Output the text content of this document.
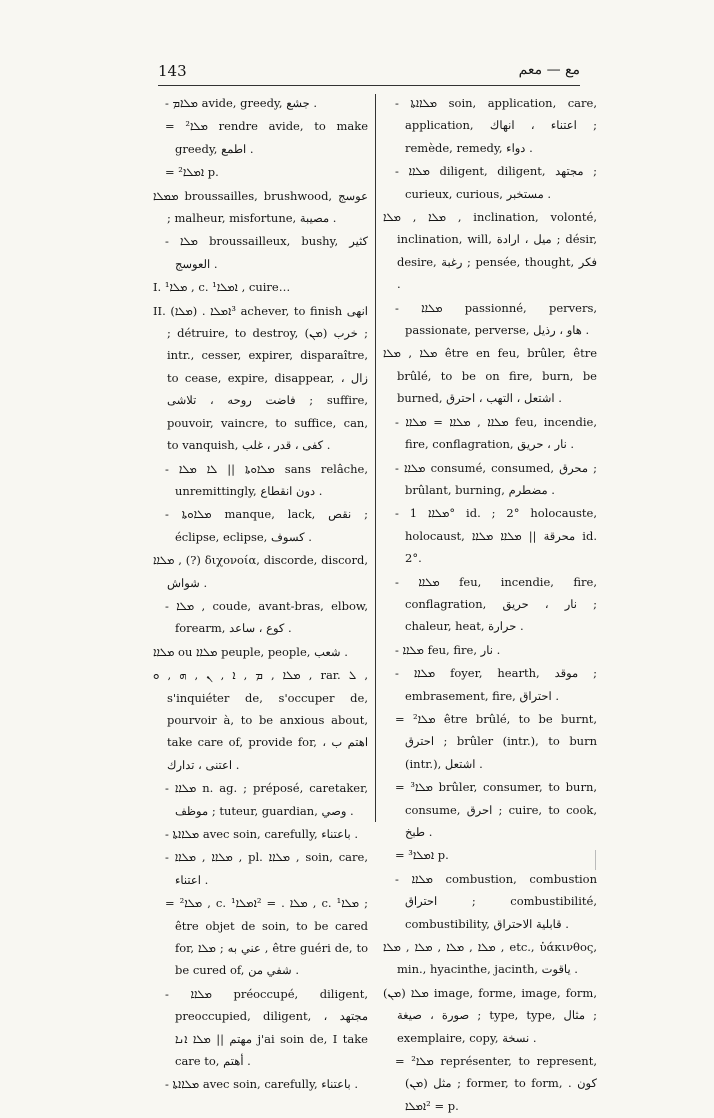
143	مع — معم

- ܡܠܐܡ avide, greedy, جشع .

= ²ܡܠܐ rendre avide, to make greedy, اطمع .

= ²ܐܡܠܐ p.

ܡܡܠܐ broussailles, brushwood, عوسج ; malheur, misfortune, مصيبة .

- ܡܠܐ broussailleux, bushy, كثير العوسج .

I. ¹ܡܠܐ , c. ¹ܐܡܠܐ , cuire…

II. (ܡܠܐ) . ³ܐܡܠܐ achever, to finish انهى ; détruire, to destroy, (ܡܢ) خرب ; intr., cesser, expirer, disparaître, to cease, expire, disappear, زال ، فاضت روحه ، تلاشى ; suffire, pouvoir, vaincre, to suffice, can, to vanquish, كفى ، قدر ، غلب .

- ܡܠܐܘܬܐ || ܠܐ ܡܠܐ sans relâche, unremittingly, دون انقطاع .

- ܡܠܐܘܬܐ manque, lack, نقص ; éclipse, eclipse, كسوف .

ܡܠܐܐ , (?) διχονοία, discorde, discord, شواش .

- ܡܠܐ , coude, avant-bras, elbow, forearm, كوع ، ساعد .

ܡܠܐܐ ou ܡܠܐܐ peuple, people, شعب .

ܡܠܐ , ܡ , ܐ , ܢ , ܗ , ܘ , rar. ܠ , s'inquiéter de, s'occuper de, pourvoir à, to be anxious about, take care of, provide for, اهتم ب ، اعتنى ، تدارك .

- ܡܠܐܐ n. ag. ; préposé, caretaker, موظف ; tuteur, guardian, وصي .

- ܡܠܐܐܬܐ avec soin, carefully, باعتناء .

- ܡܠܐܐ , ܡܠܐܐ , pl. ܡܠܐܐ , soin, care, اعتناء .

= ²ܡܠܐ , c. ¹ܡܠܐ . = ²ܐܡܠܐ , c. ¹ܡܠܐ ; être objet de soin, to be cared for, عني به ; ܡܠܐ , être guéri de, to be cured of, شفي من .

- ܡܠܐܐ préoccupé, diligent, preoccupied, diligent, مجتهد ، مهتم || ܡܠܐ ܐܢܐ j'ai soin de, I take care to, أهتم .

- ܡܠܐܐܬܐ avec soin, carefully, باعتناء .

- ܡܠܐܐܬܐ soin, application, care, application, اعتناء ، انهاك ; remède, remedy, دواء .

- ܡܠܐܐ diligent, diligent, مجتهد ; curieux, curious, مستخبر .

ܡܠܐ , ܡܠܐ , inclination, volonté, inclination, will, ميل ، ارادة ; désir, desire, رغبة ; pensée, thought, فكر .

- ܡܠܐܐ passionné, pervers, passionate, perverse, هاو ، رذيل .

ܡܠܐ , ܡܠܐ être en feu, brûler, être brûlé, to be on fire, burn, be burned, اشتعل ، التهب ، احترق .

- ܡܠܐܐ , ܡܠܐܐ = ܡܠܐܐ feu, incendie, fire, conflagration, نار ، حريق .

- ܡܠܐܐ consumé, consumed, محرق ; brûlant, burning, مضطرم .

- ܡܠܐܐ 1° id. ; 2° holocauste, holocaust, محرقة || ܡܠܐܐ ܡܠܐܐ id. 2°.

- ܡܠܐܐ feu, incendie, fire, conflagration, نار ، حريق ; chaleur, heat, حرارة .

- ܡܠܐܐ feu, fire, نار .

- ܡܠܐܐ foyer, hearth, موقد ; embrasement, fire, احتراق .

= ²ܡܠܐ être brûlé, to be burnt, احترق ; brûler (intr.), to burn (intr.), اشتعل .

= ³ܡܠܐ brûler, consumer, to burn, consume, احرق ; cuire, to cook, طبخ .

= ³ܐܡܠܐ p.

- ܡܠܐܐ combustion, combustion احتراق ; combustibilité, combustibility, قابلية الاحتراق .

ܡܠܐ , ܡܠܐ , ܡܠܐ , ܡܠܐ , etc., ὑάκινθος, min., hyacinthe, jacinth, ياقوت .

(ܡܢ) ܡܠܐ image, forme, image, form, صورة ، صيغة ; type, type, مثال ; exemplaire, copy, نسخة .

= ²ܡܠܐ représenter, to represent, (ܡܢ) مثل ; former, to form, كون . = ²ܐܡܠܐ p.
